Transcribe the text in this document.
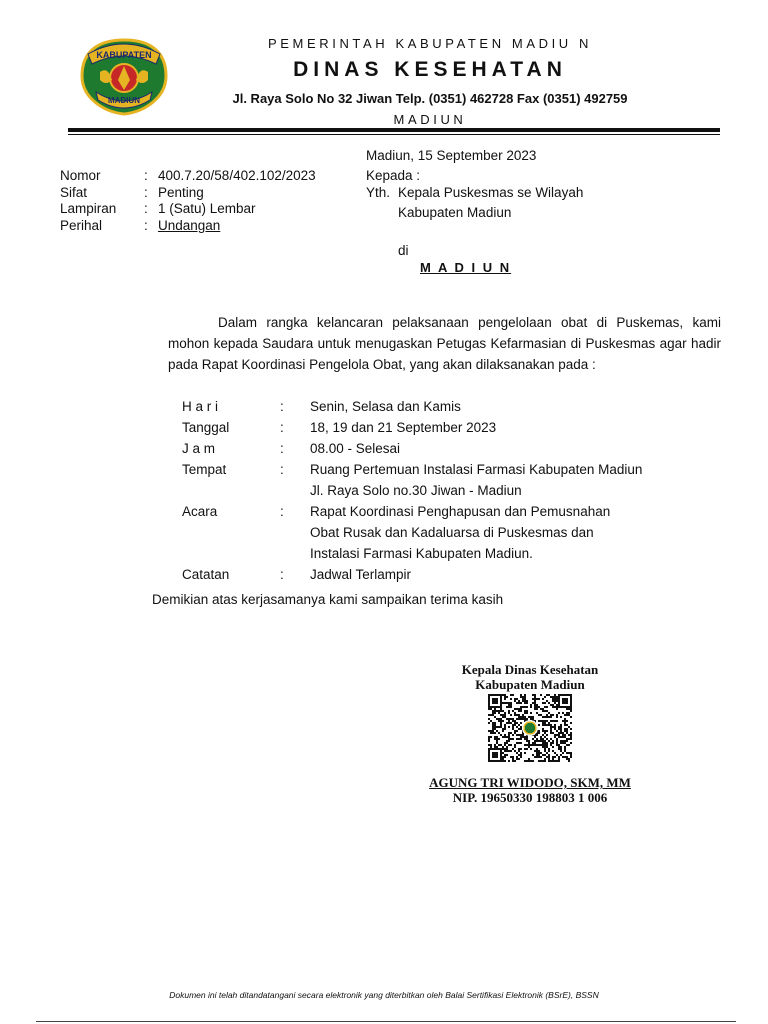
KABUPATEN
MADIUN
PEMERINTAH KABUPATEN MADIU N
DINAS KESEHATAN
Jl. Raya Solo No 32 Jiwan Telp. (0351) 462728 Fax (0351) 492759
MADIUN
Madiun, 15 September 2023
Nomor	: 400.7.20/58/402.102/2023
Sifat	: Penting
Lampiran	: 1 (Satu) Lembar
Perihal	: Undangan
Kepada :
Yth. Kepala Puskesmas se Wilayah
Kabupaten Madiun
di
M A D I U N
Dalam rangka kelancaran pelaksanaan pengelolaan obat di Puskemas, kami mohon kepada Saudara untuk menugaskan Petugas Kefarmasian di Puskesmas agar hadir pada Rapat Koordinasi Pengelola Obat, yang akan dilaksanakan pada :
H a r i	:	Senin, Selasa dan Kamis
Tanggal	:	18, 19 dan 21 September 2023
J a m	:	08.00 - Selesai
Tempat	:	Ruang Pertemuan Instalasi Farmasi Kabupaten Madiun
Jl. Raya Solo no.30 Jiwan - Madiun
Acara	:	Rapat Koordinasi Penghapusan dan Pemusnahan
Obat Rusak dan Kadaluarsa di Puskesmas dan
Instalasi Farmasi Kabupaten Madiun.
Catatan	:	Jadwal Terlampir
Demikian atas kerjasamanya kami sampaikan terima kasih
Kepala Dinas Kesehatan
Kabupaten Madiun
AGUNG TRI WIDODO, SKM, MM
NIP. 19650330 198803 1 006
Dokumen ini telah ditandatangani secara elektronik yang diterbitkan oleh Balai Sertifikasi Elektronik (BSrE), BSSN
